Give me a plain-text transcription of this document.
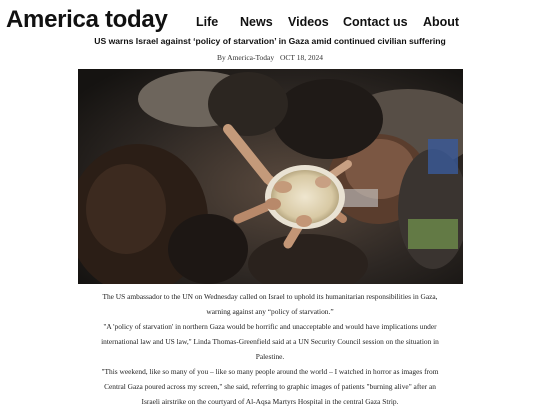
America today Life News Videos Contact us About
US warns Israel against ‘policy of starvation’ in Gaza amid continued civilian suffering
By America-Today OCT 18, 2024

The US ambassador to the UN on Wednesday called on Israel to uphold its humanitarian responsibilities in Gaza, warning against any “policy of starvation.”

"A 'policy of starvation' in northern Gaza would be horrific and unacceptable and would have implications under international law and US law," Linda Thomas-Greenfield said at a UN Security Council session on the situation in Palestine.

"This weekend, like so many of you – like so many people around the world – I watched in horror as images from Central Gaza poured across my screen," she said, referring to graphic images of patients "burning alive" after an Israeli airstrike on the courtyard of Al-Aqsa Martyrs Hospital in the central Gaza Strip.
